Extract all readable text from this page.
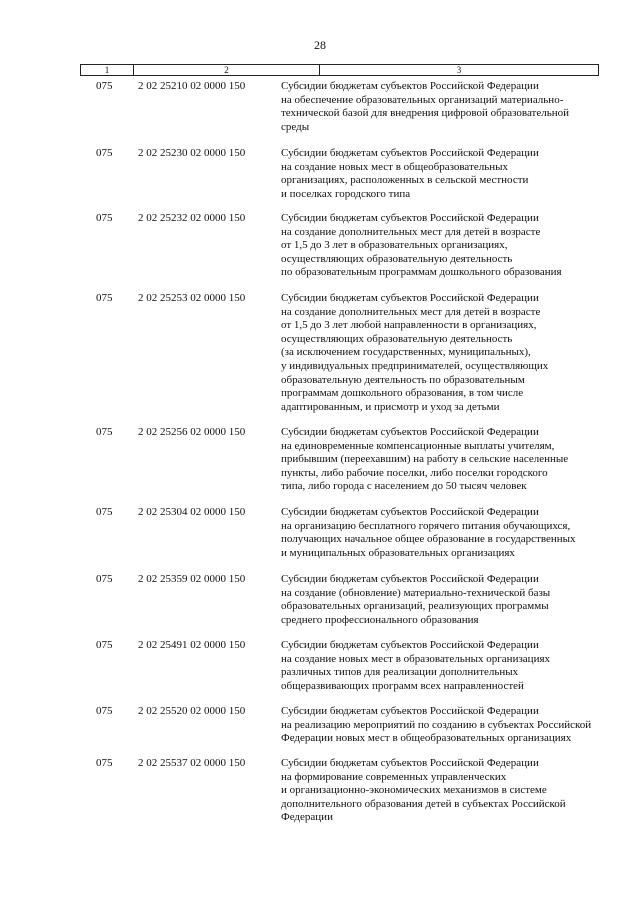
28
1	2	3
075 2 02 25210 02 0000 150	Субсидии бюджетам субъектов Российской Федерации
на обеспечение образовательных организаций материально-
технической базой для внедрения цифровой образовательной
среды
075 2 02 25230 02 0000 150	Субсидии бюджетам субъектов Российской Федерации
на создание новых мест в общеобразовательных
организациях, расположенных в сельской местности
и поселках городского типа
075 2 02 25232 02 0000 150	Субсидии бюджетам субъектов Российской Федерации
на создание дополнительных мест для детей в возрасте
от 1,5 до 3 лет в образовательных организациях,
осуществляющих образовательную деятельность
по образовательным программам дошкольного образования
075 2 02 25253 02 0000 150	Субсидии бюджетам субъектов Российской Федерации
на создание дополнительных мест для детей в возрасте
от 1,5 до 3 лет любой направленности в организациях,
осуществляющих образовательную деятельность
(за исключением государственных, муниципальных),
у индивидуальных предпринимателей, осуществляющих
образовательную деятельность по образовательным
программам дошкольного образования, в том числе
адаптированным, и присмотр и уход за детьми
075 2 02 25256 02 0000 150	Субсидии бюджетам субъектов Российской Федерации
на единовременные компенсационные выплаты учителям,
прибывшим (переехавшим) на работу в сельские населенные
пункты, либо рабочие поселки, либо поселки городского
типа, либо города с населением до 50 тысяч человек
075 2 02 25304 02 0000 150	Субсидии бюджетам субъектов Российской Федерации
на организацию бесплатного горячего питания обучающихся,
получающих начальное общее образование в государственных
и муниципальных образовательных организациях
075 2 02 25359 02 0000 150	Субсидии бюджетам субъектов Российской Федерации
на создание (обновление) материально-технической базы
образовательных организаций, реализующих программы
среднего профессионального образования
075 2 02 25491 02 0000 150	Субсидии бюджетам субъектов Российской Федерации
на создание новых мест в образовательных организациях
различных типов для реализации дополнительных
общеразвивающих программ всех направленностей
075 2 02 25520 02 0000 150	Субсидии бюджетам субъектов Российской Федерации
на реализацию мероприятий по созданию в субъектах Российской
Федерации новых мест в общеобразовательных организациях
075 2 02 25537 02 0000 150	Субсидии бюджетам субъектов Российской Федерации
на формирование современных управленческих
и организационно-экономических механизмов в системе
дополнительного образования детей в субъектах Российской
Федерации
